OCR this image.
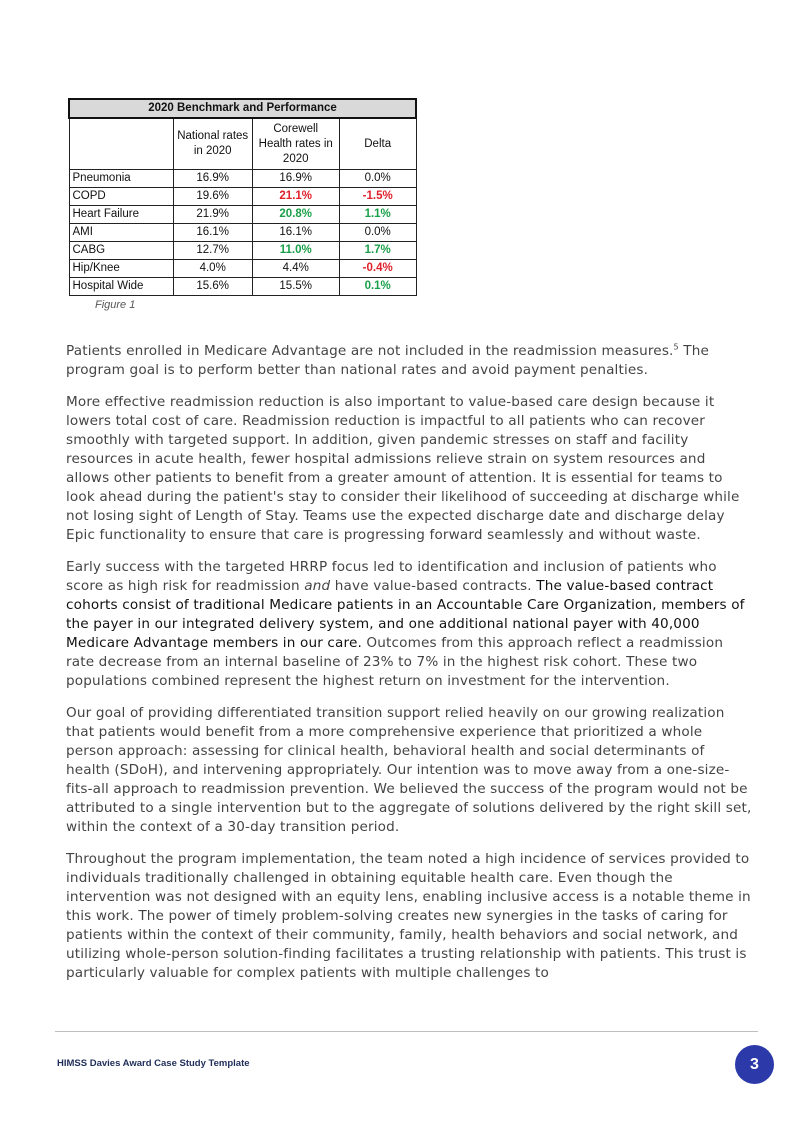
2020 Benchmark and Performance			
	National rates in 2020	Corewell Health rates in 2020	Delta
Pneumonia	16.9%	16.9%	0.0%
COPD	19.6%	21.1%	-1.5%
Heart Failure	21.9%	20.8%	1.1%
AMI	16.1%	16.1%	0.0%
CABG	12.7%	11.0%	1.7%
Hip/Knee	4.0%	4.4%	-0.4%
Hospital Wide	15.6%	15.5%	0.1%
Figure 1

Patients enrolled in Medicare Advantage are not included in the readmission measures.$^5$ The program goal is to perform better than national rates and avoid payment penalties.

More effective readmission reduction is also important to value-based care design because it lowers total cost of care. Readmission reduction is impactful to all patients who can recover smoothly with targeted support. In addition, given pandemic stresses on staff and facility resources in acute health, fewer hospital admissions relieve strain on system resources and allows other patients to benefit from a greater amount of attention. It is essential for teams to look ahead during the patient's stay to consider their likelihood of succeeding at discharge while not losing sight of Length of Stay. Teams use the expected discharge date and discharge delay Epic functionality to ensure that care is progressing forward seamlessly and without waste.

Early success with the targeted HRRP focus led to identification and inclusion of patients who score as high risk for readmission and have value-based contracts. The value-based contract cohorts consist of traditional Medicare patients in an Accountable Care Organization, members of the payer in our integrated delivery system, and one additional national payer with 40,000 Medicare Advantage members in our care. Outcomes from this approach reflect a readmission rate decrease from an internal baseline of 23% to 7% in the highest risk cohort. These two populations combined represent the highest return on investment for the intervention.

Our goal of providing differentiated transition support relied heavily on our growing realization that patients would benefit from a more comprehensive experience that prioritized a whole person approach: assessing for clinical health, behavioral health and social determinants of health (SDoH), and intervening appropriately. Our intention was to move away from a one-size-fits-all approach to readmission prevention. We believed the success of the program would not be attributed to a single intervention but to the aggregate of solutions delivered by the right skill set, within the context of a 30-day transition period.

Throughout the program implementation, the team noted a high incidence of services provided to individuals traditionally challenged in obtaining equitable health care. Even though the intervention was not designed with an equity lens, enabling inclusive access is a notable theme in this work. The power of timely problem-solving creates new synergies in the tasks of caring for patients within the context of their community, family, health behaviors and social network, and utilizing whole-person solution-finding facilitates a trusting relationship with patients. This trust is particularly valuable for complex patients with multiple challenges to

HIMSS Davies Award Case Study Template	3
